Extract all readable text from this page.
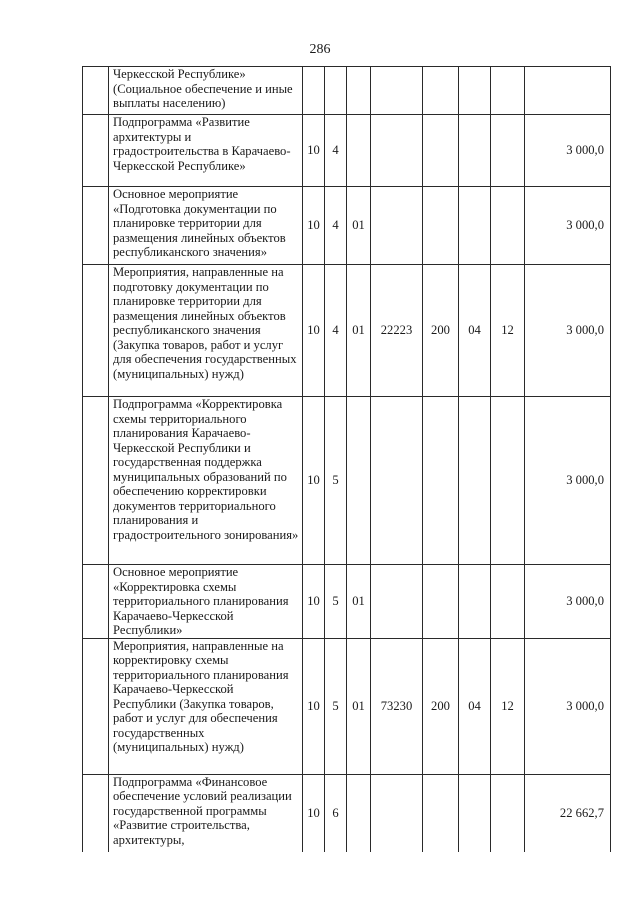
286
	Черкесской Республике» (Социальное обеспечение и иные выплаты населению)								
	Подпрограмма «Развитие архитектуры и градостроительства в Карачаево-Черкесской Республике»	10	4						3 000,0
	Основное мероприятие «Подготовка документации по планировке территории для размещения линейных объектов республиканского значения»	10	4	01					3 000,0
	Мероприятия, направленные на подготовку документации по планировке территории для размещения линейных объектов республиканского значения (Закупка товаров, работ и услуг для обеспечения государственных (муниципальных) нужд)	10	4	01	22223	200	04	12	3 000,0
	Подпрограмма «Корректировка схемы территориального планирования Карачаево-Черкесской Республики и государственная поддержка муниципальных образований по обеспечению корректировки документов территориального планирования и градостроительного зонирования»	10	5						3 000,0
	Основное мероприятие «Корректировка схемы территориального планирования Карачаево-Черкесской Республики»	10	5	01					3 000,0
	Мероприятия, направленные на корректировку схемы территориального планирования Карачаево-Черкесской Республики (Закупка товаров, работ и услуг для обеспечения государственных (муниципальных) нужд)	10	5	01	73230	200	04	12	3 000,0
	Подпрограмма «Финансовое обеспечение условий реализации государственной программы «Развитие строительства, архитектуры,	10	6						22 662,7
